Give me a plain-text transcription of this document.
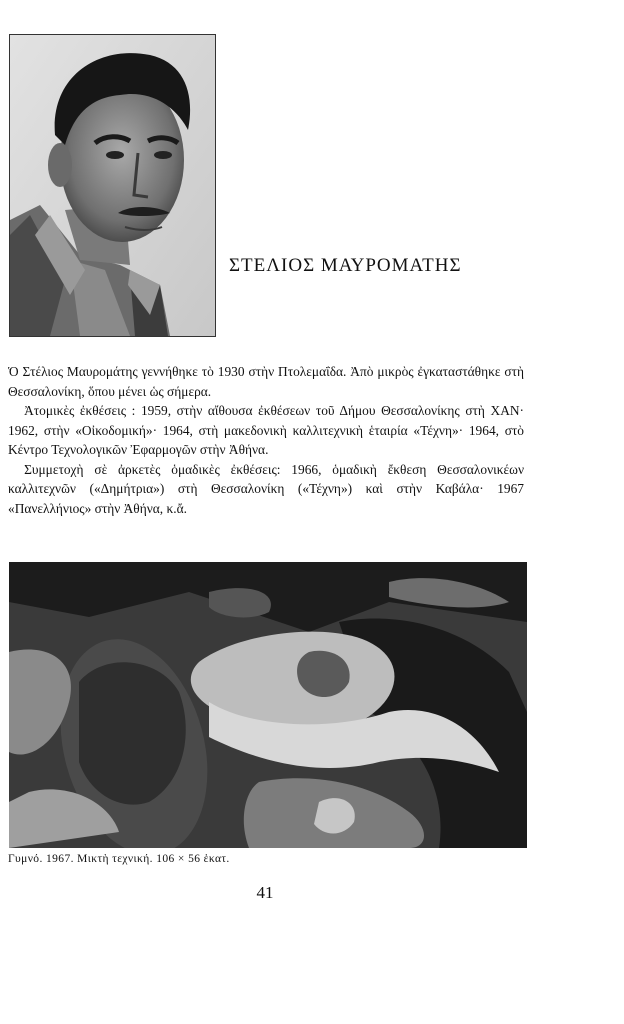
ΣΤΕΛΙΟΣ ΜΑΥΡΟΜΑΤΗΣ

Ὁ Στέλιος Μαυρομάτης γεννήθηκε τὸ 1930 στὴν Πτολεμαΐδα. Ἀπὸ μικρὸς ἐγκαταστάθηκε στὴ Θεσσαλονίκη, ὅπου μένει ὡς σήμερα.

Ἀτομικὲς ἐκθέσεις : 1959, στὴν αἴθουσα ἐκθέσεων τοῦ Δήμου Θεσσαλονίκης στὴ ΧΑΝ· 1962, στὴν «Οἰκοδομική»· 1964, στὴ μακεδονικὴ καλλιτεχνικὴ ἑταιρία «Τέχνη»· 1964, στὸ Κέντρο Τεχνολογικῶν Ἐφαρμογῶν στὴν Ἀθήνα.

Συμμετοχὴ σὲ ἀρκετὲς ὁμαδικὲς ἐκθέσεις: 1966, ὁμαδικὴ ἔκθεση Θεσσαλονικέων καλλιτεχνῶν («Δημήτρια») στὴ Θεσσαλονίκη («Τέχνη») καὶ στὴν Καβάλα· 1967 «Πανελλήνιος» στὴν Ἀθήνα, κ.ἄ.

Γυμνό. 1967. Μικτὴ τεχνική. 106 × 56 ἑκατ.
41
